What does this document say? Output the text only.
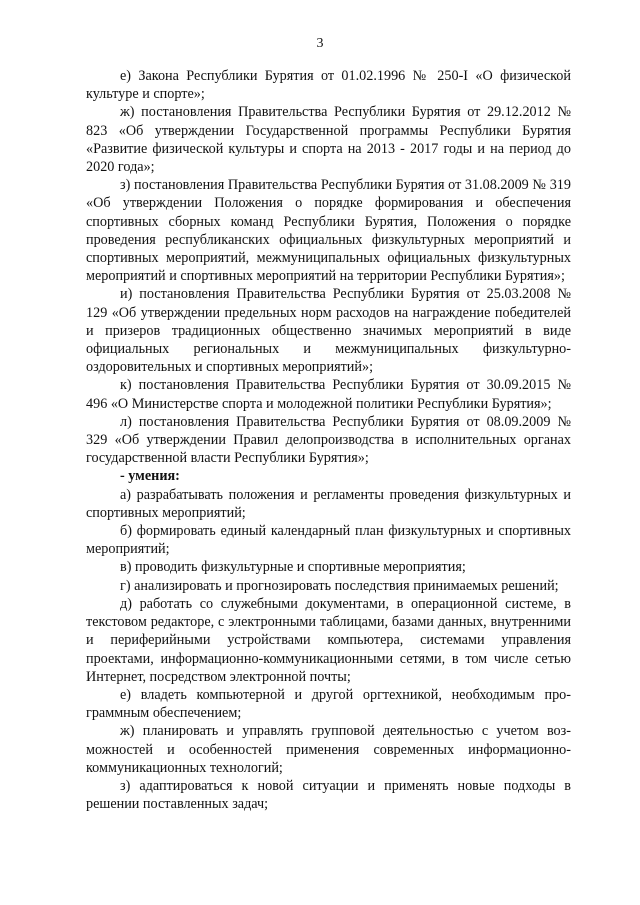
3

е) Закона Республики Бурятия от 01.02.1996 № 250-I «О физической культуре и спорте»;

ж) постановления Правительства Республики Бурятия от 29.12.2012 № 823 «Об утверждении Государственной программы Республики Бурятия «Развитие физической культуры и спорта на 2013 - 2017 годы и на период до 2020 года»;

з) постановления Правительства Республики Бурятия от 31.08.2009 № 319 «Об утверждении Положения о порядке формирования и обеспечения спортивных сборных команд Республики Бурятия, Положения о порядке проведения республиканских официальных физкультурных мероприятий и спортивных мероприятий, межмуниципальных официальных физкультурных мероприятий и спортивных мероприятий на территории Республики Бурятия»;

и) постановления Правительства Республики Бурятия от 25.03.2008 № 129 «Об утверждении предельных норм расходов на награждение победителей и призеров традиционных общественно значимых мероприятий в виде официальных региональных и межмуниципальных физкультурно-оздоровительных и спортивных мероприятий»;

к) постановления Правительства Республики Бурятия от 30.09.2015 № 496 «О Министерстве спорта и молодежной политики Республики Бурятия»;

л) постановления Правительства Республики Бурятия от 08.09.2009 № 329 «Об утверждении Правил делопроизводства в исполнительных органах государственной власти Республики Бурятия»;

- умения:

а) разрабатывать положения и регламенты проведения физкультурных и спортивных мероприятий;

б) формировать единый календарный план физкультурных и спортивных мероприятий;

в) проводить физкультурные и спортивные мероприятия;

г) анализировать и прогнозировать последствия принимаемых решений;

д) работать со служебными документами, в операционной системе, в текстовом редакторе, с электронными таблицами, базами данных, внутренними и периферийными устройствами компьютера, системами управления проектами, информационно-коммуникационными сетями, в том числе сетью Интернет, посредством электронной почты;

е) владеть компьютерной и другой оргтехникой, необходимым программным обеспечением;

ж) планировать и управлять групповой деятельностью с учетом возможностей и особенностей применения современных информационно-коммуникационных технологий;

з) адаптироваться к новой ситуации и применять новые подходы в решении поставленных задач;
